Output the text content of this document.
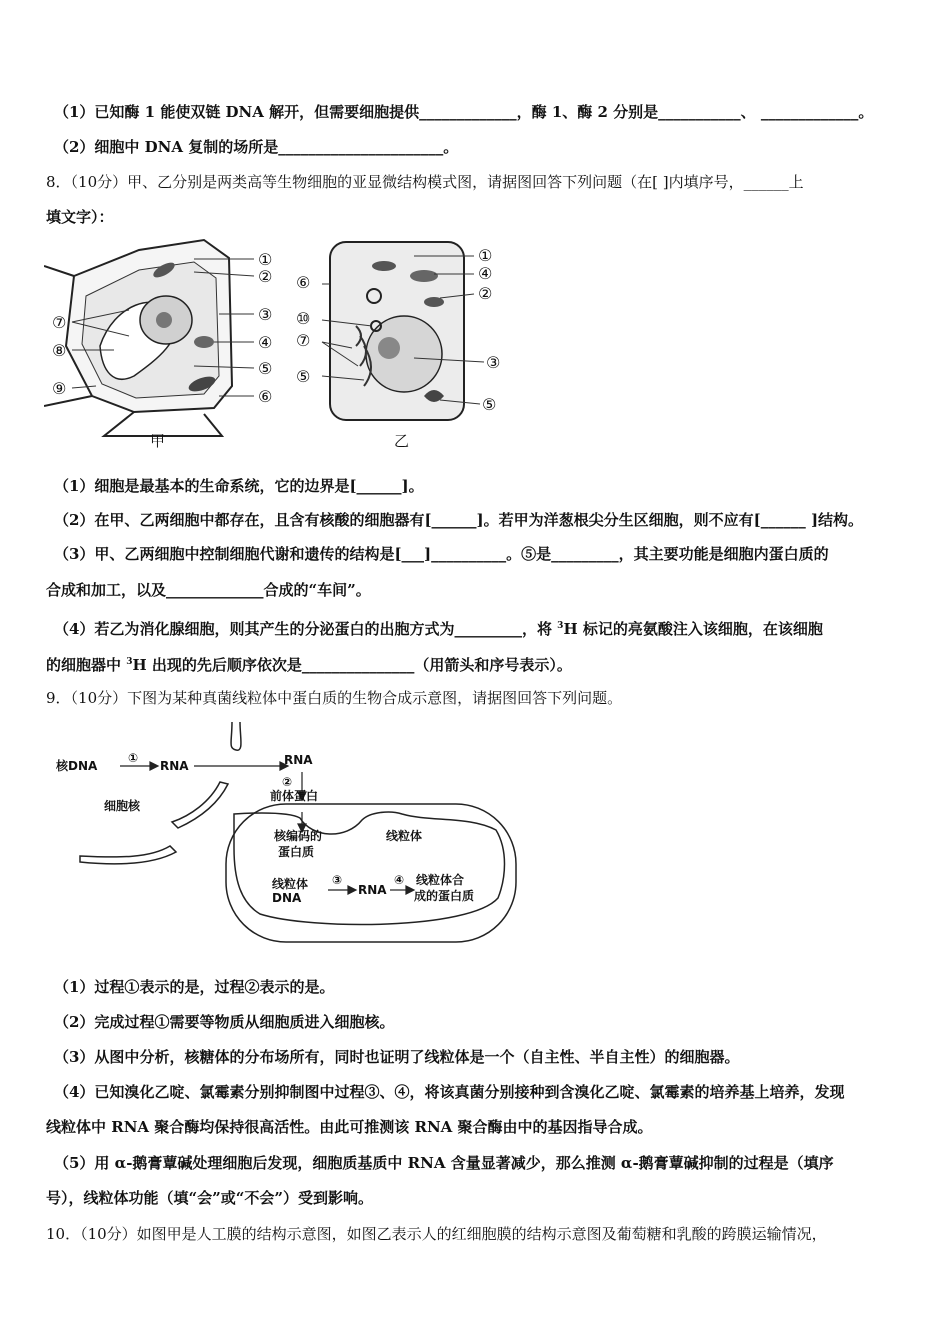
（1）已知酶 1 能使双链 DNA 解开，但需要细胞提供_____________，酶 1、酶 2 分别是___________、 _____________。
（2）细胞中 DNA 复制的场所是______________________。
8．（10分）甲、乙分别是两类高等生物细胞的亚显微结构模式图，请据图回答下列问题（在[ ]内填序号，______上
填文字）：
①
②
③
④
⑤
⑥
⑦
⑧
⑨
甲
①
④
②
⑥
⑩
⑦
⑤
③
⑤
乙
（1）细胞是最基本的生命系统，它的边界是[______]。
（2）在甲、乙两细胞中都存在，且含有核酸的细胞器有[______]。若甲为洋葱根尖分生区细胞，则不应有[______ ]结构。
（3）甲、乙两细胞中控制细胞代谢和遗传的结构是[___]__________。⑤是_________，其主要功能是细胞内蛋白质的
合成和加工，以及_____________合成的“车间”。
（4）若乙为消化腺细胞，则其产生的分泌蛋白的出胞方式为_________，将 $^3$H 标记的亮氨酸注入该细胞，在该细胞
的细胞器中 $^3$H 出现的先后顺序依次是_______________（用箭头和序号表示）。
9．（10分）下图为某种真菌线粒体中蛋白质的生物合成示意图，请据图回答下列问题。
核DNA
①
RNA	RNA
②
前体蛋白
细胞核
核编码的
蛋白质
线粒体
线粒体
DNA
③
RNA
④ 线粒体合
成的蛋白质
（1）过程①表示的是，过程②表示的是。
（2）完成过程①需要等物质从细胞质进入细胞核。
（3）从图中分析，核糖体的分布场所有，同时也证明了线粒体是一个（自主性、半自主性）的细胞器。
（4）已知溴化乙啶、氯霉素分别抑制图中过程③、④，将该真菌分别接种到含溴化乙啶、氯霉素的培养基上培养，发现
线粒体中 RNA 聚合酶均保持很高活性。由此可推测该 RNA 聚合酶由中的基因指导合成。
（5）用 α-鹅膏蕈碱处理细胞后发现，细胞质基质中 RNA 含量显著减少，那么推测 α-鹅膏蕈碱抑制的过程是（填序
号），线粒体功能（填“会”或“不会”）受到影响。
10．（10分）如图甲是人工膜的结构示意图，如图乙表示人的红细胞膜的结构示意图及葡萄糖和乳酸的跨膜运输情况，
